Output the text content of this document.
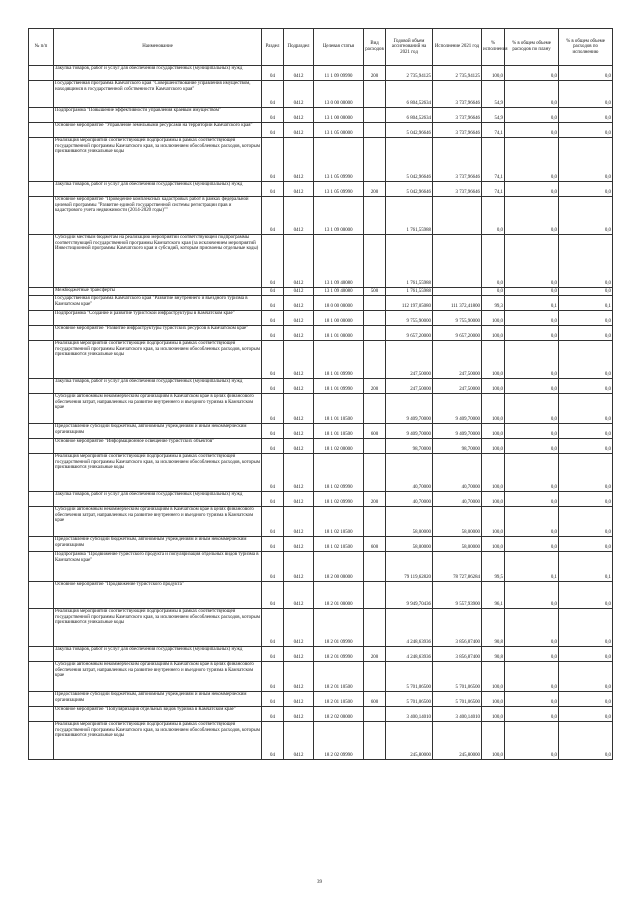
№ п/п	Наименование	Раздел	Подраздел	Целевая статья	Вид расходов	Годовой объем ассигнований на 2021 год	Исполнение 2021 год	% исполнения	% в общем объеме расходов по плану	% в общем объеме расходов по исполнению
	Закупка товаров, работ и услуг для обеспечения государственных (муниципальных) нужд	04	0412	11 1 09 09990	200	2 735,94125	2 735,94125	100,0	0,0	0,0
	Государственная программа Камчатского края "Совершенствование управления имуществом, находящимся в государственной собственности Камчатского края"	04	0412	13 0 00 00000		6 804,52634	3 737,96646	54,9	0,0	0,0
	Подпрограмма "Повышение эффективности управления краевым имуществом"	04	0412	13 1 00 00000		6 804,52634	3 737,96646	54,9	0,0	0,0
	Основное мероприятие "Управление земельными ресурсами на территории Камчатского края"	04	0412	13 1 05 00000		5 042,96646	3 737,96646	74,1	0,0	0,0
	Реализация мероприятий соответствующей подпрограммы в рамках соответствующей государственной программы Камчатского края, за исключением обособленных расходов, которым присваиваются уникальные коды	04	0412	13 1 05 09990		5 042,96646	3 737,96646	74,1	0,0	0,0
	Закупка товаров, работ и услуг для обеспечения государственных (муниципальных) нужд	04	0412	13 1 05 09990	200	5 042,96646	3 737,96646	74,1	0,0	0,0
	Основное мероприятие "Проведение комплексных кадастровых работ в рамках федеральной целевой программы "Развитие единой государственной системы регистрации прав и кадастрового учета недвижимости (2014-2020 годы)""	04	0412	13 1 09 00000		1 761,55988		0,0	0,0	0,0
	Субсидии местным бюджетам на реализацию мероприятий соответствующей подпрограммы соответствующей государственной программы Камчатского края (за исключением мероприятий Инвестиционной программы Камчатского края и субсидий, которым присвоены отдельные коды)	04	0412	13 1 09 40080		1 761,55988		0,0	0,0	0,0
	Межбюджетные трансферты	04	0412	13 1 09 40080	500	1 761,55988		0,0	0,0	0,0
	Государственная программа Камчатского края "Развитие внутреннего и въездного туризма в Камчатском крае"	04	0412	18 0 00 00000		112 197,05080	111 372,41800	99,3	0,1	0,1
	Подпрограмма "Создание и развитие туристской инфраструктуры в Камчатском крае"	04	0412	18 1 00 00000		9 755,90000	9 755,90000	100,0	0,0	0,0
	Основное мероприятие "Развитие инфраструктуры туристских ресурсов в Камчатском крае"	04	0412	18 1 01 00000		9 657,20000	9 657,20000	100,0	0,0	0,0
	Реализация мероприятий соответствующей подпрограммы в рамках соответствующей государственной программы Камчатского края, за исключением обособленных расходов, которым присваиваются уникальные коды	04	0412	18 1 01 09990		247,50000	247,50000	100,0	0,0	0,0
	Закупка товаров, работ и услуг для обеспечения государственных (муниципальных) нужд	04	0412	18 1 01 09990	200	247,50000	247,50000	100,0	0,0	0,0
	Субсидии автономным некоммерческим организациям в Камчатском крае в целях финансового обеспечения затрат, направленных на развитие внутреннего и въездного туризма в Камчатском крае	04	0412	18 1 01 10500		9 409,70000	9 409,70000	100,0	0,0	0,0
	Предоставление субсидий бюджетным, автономным учреждениям и иным некоммерческим организациям	04	0412	18 1 01 10500	600	9 409,70000	9 409,70000	100,0	0,0	0,0
	Основное мероприятие "Информационное освещение туристских объектов"	04	0412	18 1 02 00000		98,70000	98,70000	100,0	0,0	0,0
	Реализация мероприятий соответствующей подпрограммы в рамках соответствующей государственной программы Камчатского края, за исключением обособленных расходов, которым присваиваются уникальные коды	04	0412	18 1 02 09990		40,70000	40,70000	100,0	0,0	0,0
	Закупка товаров, работ и услуг для обеспечения государственных (муниципальных) нужд	04	0412	18 1 02 09990	200	40,70000	40,70000	100,0	0,0	0,0
	Субсидии автономным некоммерческим организациям в Камчатском крае в целях финансового обеспечения затрат, направленных на развитие внутреннего и въездного туризма в Камчатском крае	04	0412	18 1 02 10500		58,00000	58,00000	100,0	0,0	0,0
	Предоставление субсидий бюджетным, автономным учреждениям и иным некоммерческим организациям	04	0412	18 1 02 10500	600	58,00000	58,00000	100,0	0,0	0,0
	Подпрограмма "Продвижение туристского продукта и популяризация отдельных видов туризма в Камчатском крае"	04	0412	18 2 00 00000		79 119,62820	78 727,86284	99,5	0,1	0,1
	Основное мероприятие "Продвижение туристского продукта"	04	0412	18 2 01 00000		9 949,70436	9 557,93900	96,1	0,0	0,0
	Реализация мероприятий соответствующей подпрограммы в рамках соответствующей государственной программы Камчатского края, за исключением обособленных расходов, которым присваиваются уникальные коды	04	0412	18 2 01 09990		4 248,63936	3 856,87400	90,8	0,0	0,0
	Закупка товаров, работ и услуг для обеспечения государственных (муниципальных) нужд	04	0412	18 2 01 09990	200	4 248,63936	3 856,87400	90,8	0,0	0,0
	Субсидии автономным некоммерческим организациям в Камчатском крае в целях финансового обеспечения затрат, направленных на развитие внутреннего и въездного туризма в Камчатском крае	04	0412	18 2 01 10500		5 701,06500	5 701,06500	100,0	0,0	0,0
	Предоставление субсидий бюджетным, автономным учреждениям и иным некоммерческим организациям	04	0412	18 2 01 10500	600	5 701,06500	5 701,06500	100,0	0,0	0,0
	Основное мероприятие "Популяризация отдельных видов туризма в Камчатском крае"	04	0412	18 2 02 00000		3 400,14010	3 400,14010	100,0	0,0	0,0
	Реализация мероприятий соответствующей подпрограммы в рамках соответствующей государственной программы Камчатского края, за исключением обособленных расходов, которым присваиваются уникальные коды	04	0412	18 2 02 09990		245,80000	245,80000	100,0	0,0	0,0
39
